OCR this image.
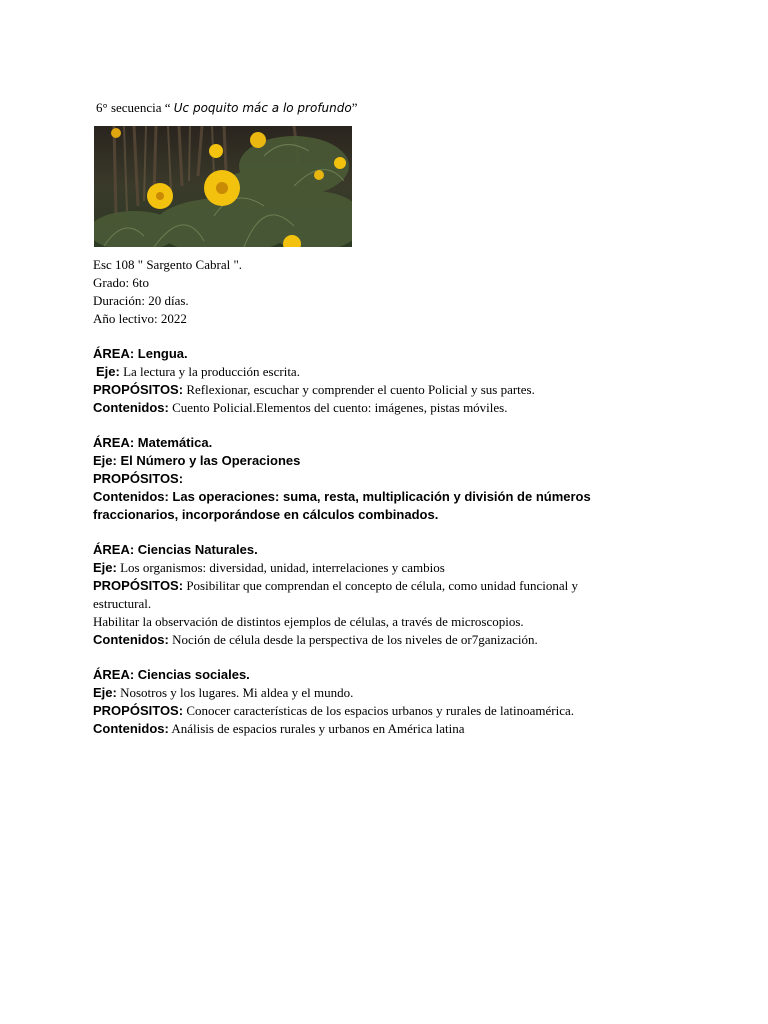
6° secuencia “ Uc poquito mác a lo profundo”
Esc 108 " Sargento Cabral ".
Grado: 6to
Duración: 20 días.
Año lectivo: 2022
ÁREA: Lengua.
Eje: La lectura y la producción escrita.
PROPÓSITOS: Reflexionar, escuchar y comprender el cuento Policial y sus partes.
Contenidos: Cuento Policial.Elementos del cuento: imágenes, pistas móviles.
ÁREA: Matemática.
Eje: El Número y las Operaciones
PROPÓSITOS:
Contenidos: Las operaciones: suma, resta, multiplicación y división de números
fraccionarios, incorporándose en cálculos combinados.
ÁREA: Ciencias Naturales.
Eje: Los organismos: diversidad, unidad, interrelaciones y cambios
PROPÓSITOS: Posibilitar que comprendan el concepto de célula, como unidad funcional y
estructural.
Habilitar la observación de distintos ejemplos de células, a través de microscopios.
Contenidos: Noción de célula desde la perspectiva de los niveles de or7ganización.
ÁREA: Ciencias sociales.
Eje: Nosotros y los lugares. Mi aldea y el mundo.
PROPÓSITOS: Conocer características de los espacios urbanos y rurales de latinoamérica.
Contenidos: Análisis de espacios rurales y urbanos en América latina
